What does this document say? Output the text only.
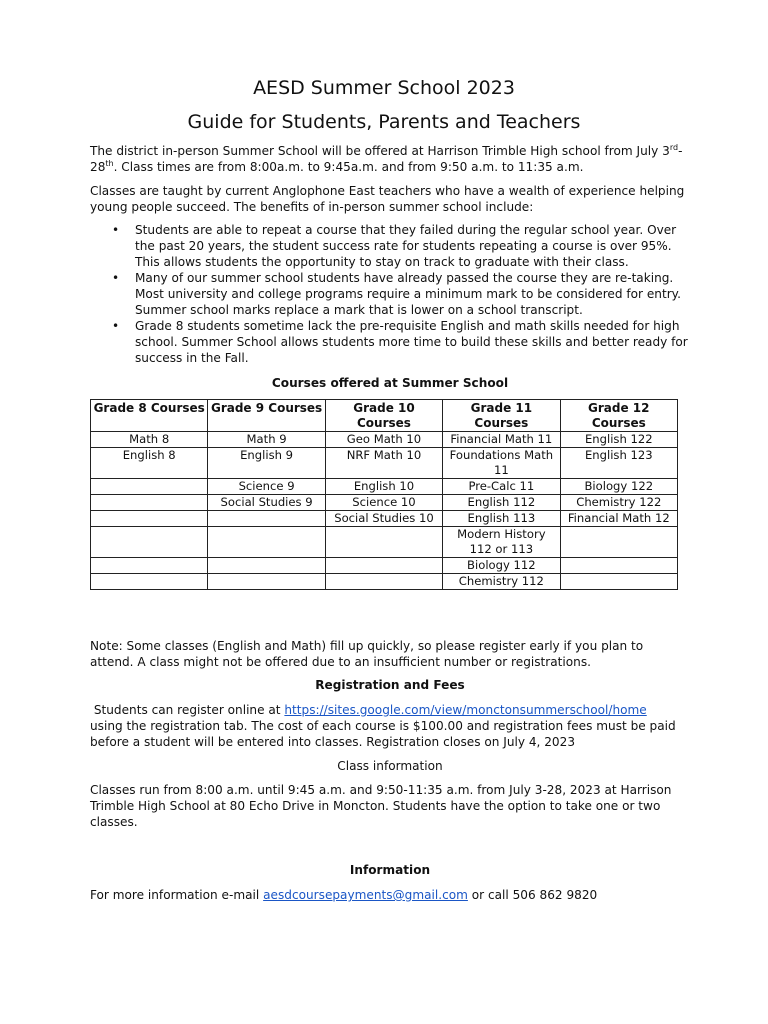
AESD Summer School 2023
Guide for Students, Parents and Teachers

The district in-person Summer School will be offered at Harrison Trimble High school from July 3rd-28th. Class times are from 8:00a.m. to 9:45a.m. and from 9:50 a.m. to 11:35 a.m.

Classes are taught by current Anglophone East teachers who have a wealth of experience helping young people succeed. The benefits of in-person summer school include:

• Students are able to repeat a course that they failed during the regular school year. Over the past 20 years, the student success rate for students repeating a course is over 95%. This allows students the opportunity to stay on track to graduate with their class.
• Many of our summer school students have already passed the course they are re-taking. Most university and college programs require a minimum mark to be considered for entry. Summer school marks replace a mark that is lower on a school transcript.
• Grade 8 students sometime lack the pre-requisite English and math skills needed for high school. Summer School allows students more time to build these skills and better ready for success in the Fall.

Courses offered at Summer School

Grade 8 Courses	Grade 9 Courses	Grade 10 Courses	Grade 11 Courses	Grade 12 Courses
Math 8	Math 9	Geo Math 10	Financial Math 11	English 122
English 8	English 9	NRF Math 10	Foundations Math 11	English 123
	Science 9	English 10	Pre-Calc 11	Biology 122
	Social Studies 9	Science 10	English 112	Chemistry 122
		Social Studies 10	English 113	Financial Math 12
			Modern History 112 or 113	
			Biology 112	
			Chemistry 112	

Note: Some classes (English and Math) fill up quickly, so please register early if you plan to attend. A class might not be offered due to an insufficient number or registrations.

Registration and Fees

Students can register online at https://sites.google.com/view/monctonsummerschool/home
using the registration tab. The cost of each course is $100.00 and registration fees must be paid before a student will be entered into classes. Registration closes on July 4, 2023

Class information

Classes run from 8:00 a.m. until 9:45 a.m. and 9:50-11:35 a.m. from July 3-28, 2023 at Harrison Trimble High School at 80 Echo Drive in Moncton. Students have the option to take one or two classes.

Information

For more information e-mail aesdcoursepayments@gmail.com or call 506 862 9820
